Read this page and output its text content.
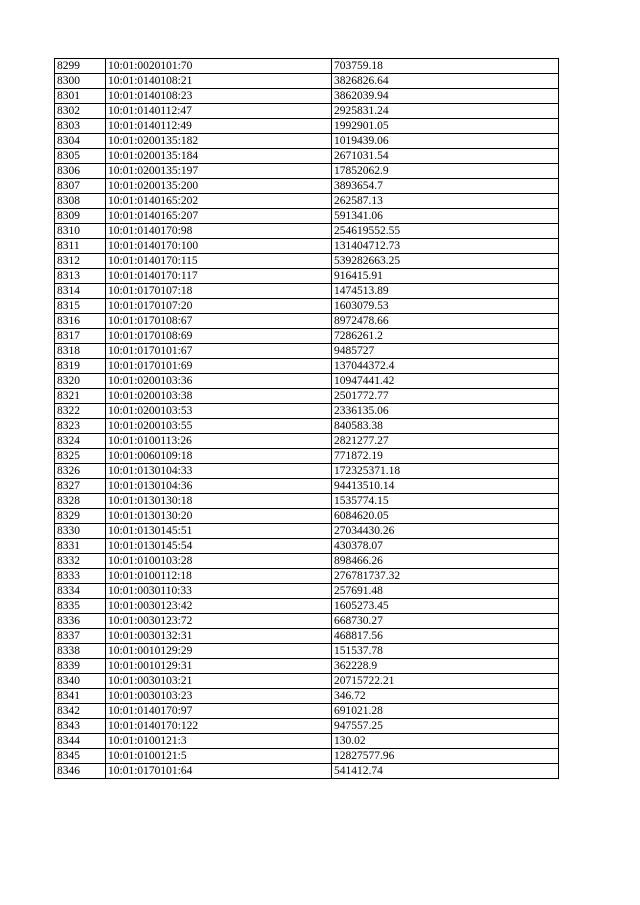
8299	10:01:0020101:70	703759.18
8300	10:01:0140108:21	3826826.64
8301	10:01:0140108:23	3862039.94
8302	10:01:0140112:47	2925831.24
8303	10:01:0140112:49	1992901.05
8304	10:01:0200135:182	1019439.06
8305	10:01:0200135:184	2671031.54
8306	10:01:0200135:197	17852062.9
8307	10:01:0200135:200	3893654.7
8308	10:01:0140165:202	262587.13
8309	10:01:0140165:207	591341.06
8310	10:01:0140170:98	254619552.55
8311	10:01:0140170:100	131404712.73
8312	10:01:0140170:115	539282663.25
8313	10:01:0140170:117	916415.91
8314	10:01:0170107:18	1474513.89
8315	10:01:0170107:20	1603079.53
8316	10:01:0170108:67	8972478.66
8317	10:01:0170108:69	7286261.2
8318	10:01:0170101:67	9485727
8319	10:01:0170101:69	137044372.4
8320	10:01:0200103:36	10947441.42
8321	10:01:0200103:38	2501772.77
8322	10:01:0200103:53	2336135.06
8323	10:01:0200103:55	840583.38
8324	10:01:0100113:26	2821277.27
8325	10:01:0060109:18	771872.19
8326	10:01:0130104:33	172325371.18
8327	10:01:0130104:36	94413510.14
8328	10:01:0130130:18	1535774.15
8329	10:01:0130130:20	6084620.05
8330	10:01:0130145:51	27034430.26
8331	10:01:0130145:54	430378.07
8332	10:01:0100103:28	898466.26
8333	10:01:0100112:18	276781737.32
8334	10:01:0030110:33	257691.48
8335	10:01:0030123:42	1605273.45
8336	10:01:0030123:72	668730.27
8337	10:01:0030132:31	468817.56
8338	10:01:0010129:29	151537.78
8339	10:01:0010129:31	362228.9
8340	10:01:0030103:21	20715722.21
8341	10:01:0030103:23	346.72
8342	10:01:0140170:97	691021.28
8343	10:01:0140170:122	947557.25
8344	10:01:0100121:3	130.02
8345	10:01:0100121:5	12827577.96
8346	10:01:0170101:64	541412.74
